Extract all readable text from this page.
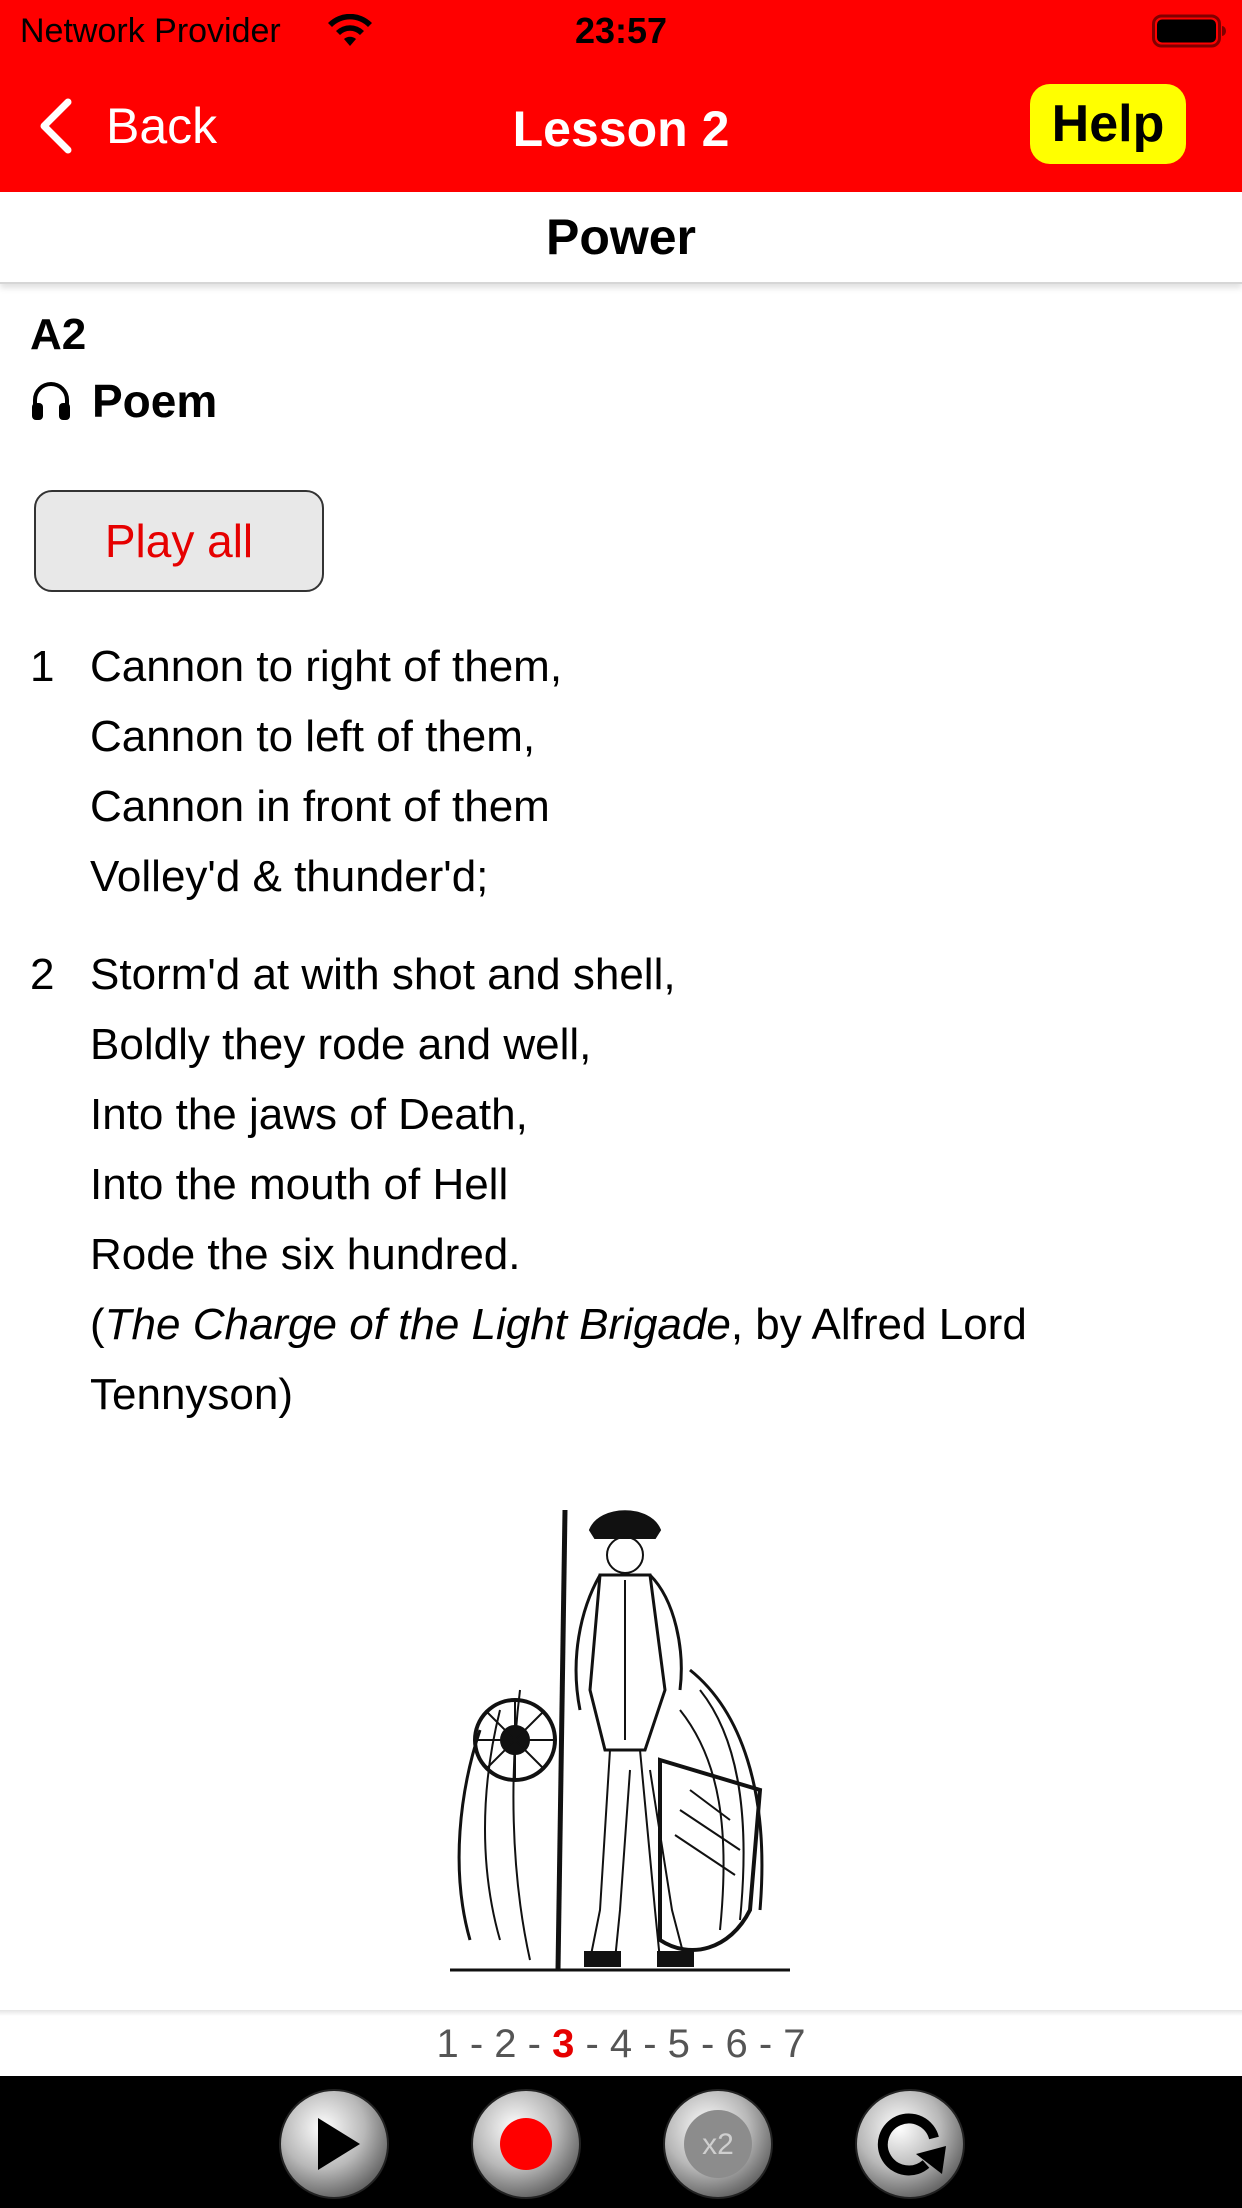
Network Provider	23:57
Back	Lesson 2	Help
Power
A2
Poem
Play all
1 Cannon to right of them,
Cannon to left of them,
Cannon in front of them
Volley'd & thunder'd;
2 Storm'd at with shot and shell,
Boldly they rode and well,
Into the jaws of Death,
Into the mouth of Hell
Rode the six hundred.
(The Charge of the Light Brigade, by Alfred Lord Tennyson)
1 - 2 - 3 - 4 - 5 - 6 - 7
x2
